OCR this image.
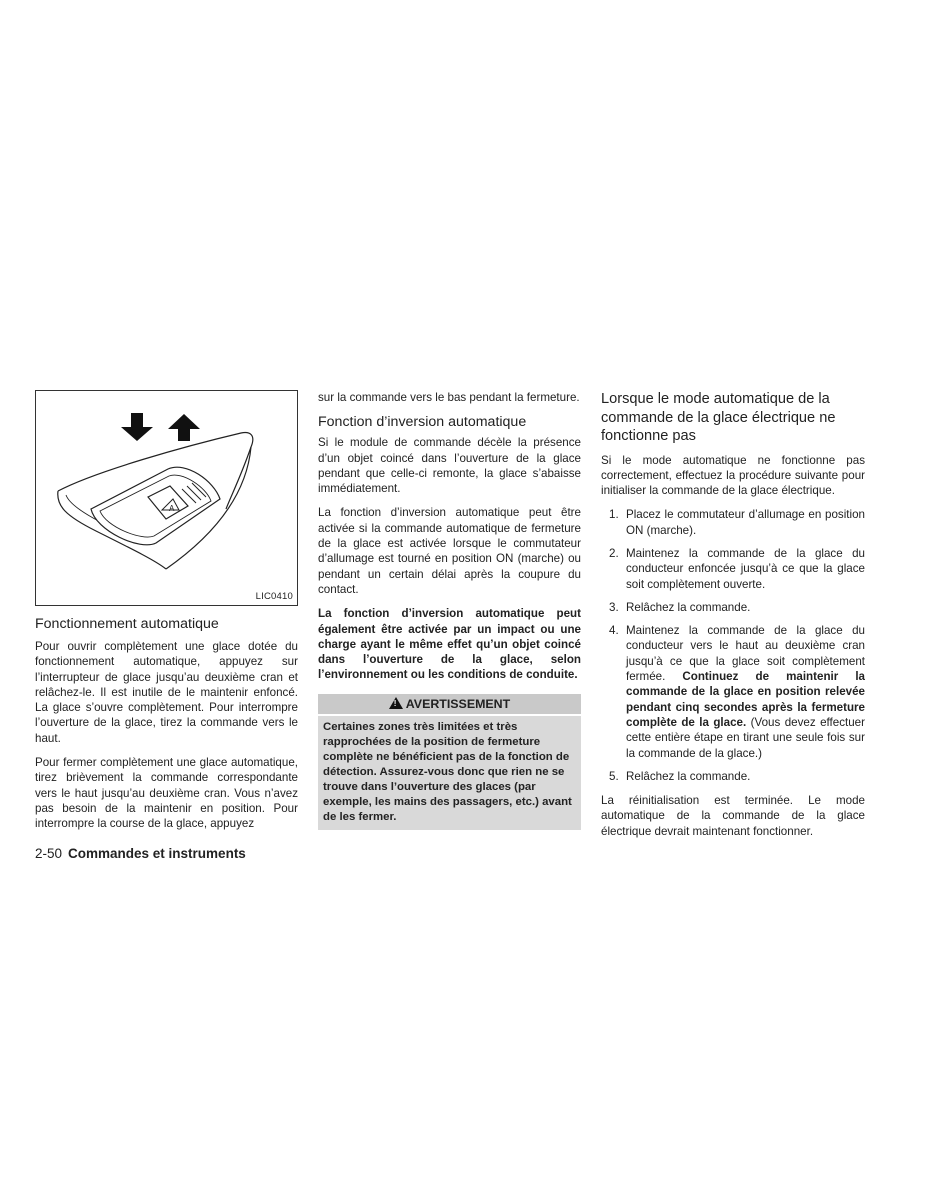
A
LIC0410
Fonctionnement automatique

Pour ouvrir complètement une glace dotée du fonctionnement automatique, appuyez sur l’interrupteur de glace jusqu’au deuxième cran et relâchez-le. Il est inutile de le maintenir enfoncé. La glace s’ouvre complètement. Pour interrompre l’ouverture de la glace, tirez la commande vers le haut.

Pour fermer complètement une glace automatique, tirez brièvement la commande correspondante vers le haut jusqu’au deuxième cran. Vous n’avez pas besoin de la maintenir en position. Pour interrompre la course de la glace, appuyez

sur la commande vers le bas pendant la fermeture.

Fonction d’inversion automatique

Si le module de commande décèle la présence d’un objet coincé dans l’ouverture de la glace pendant que celle-ci remonte, la glace s’abaisse immédiatement.

La fonction d’inversion automatique peut être activée si la commande automatique de fermeture de la glace est activée lorsque le commutateur d’allumage est tourné en position ON (marche) ou pendant un certain délai après la coupure du contact.

La fonction d’inversion automatique peut également être activée par un impact ou une charge ayant le même effet qu’un objet coincé dans l’ouverture de la glace, selon l’environnement ou les conditions de conduite.

! AVERTISSEMENT
Certaines zones très limitées et très rapprochées de la position de fermeture complète ne bénéficient pas de la fonction de détection. Assurez-vous donc que rien ne se trouve dans l’ouverture des glaces (par exemple, les mains des passagers, etc.) avant de les fermer.
Lorsque le mode automatique de la commande de la glace électrique ne fonctionne pas

Si le mode automatique ne fonctionne pas correctement, effectuez la procédure suivante pour initialiser la commande de la glace électrique.

1. Placez le commutateur d’allumage en position ON (marche).
2. Maintenez la commande de la glace du conducteur enfoncée jusqu’à ce que la glace soit complètement ouverte.
3. Relâchez la commande.
4. Maintenez la commande de la glace du conducteur vers le haut au deuxième cran jusqu’à ce que la glace soit complètement fermée. Continuez de maintenir la commande de la glace en position relevée pendant cinq secondes après la fermeture complète de la glace. (Vous devez effectuer cette entière étape en tirant une seule fois sur la commande de la glace.)
5. Relâchez la commande.

La réinitialisation est terminée. Le mode automatique de la commande de la glace électrique devrait maintenant fonctionner.

2-50 Commandes et instruments
